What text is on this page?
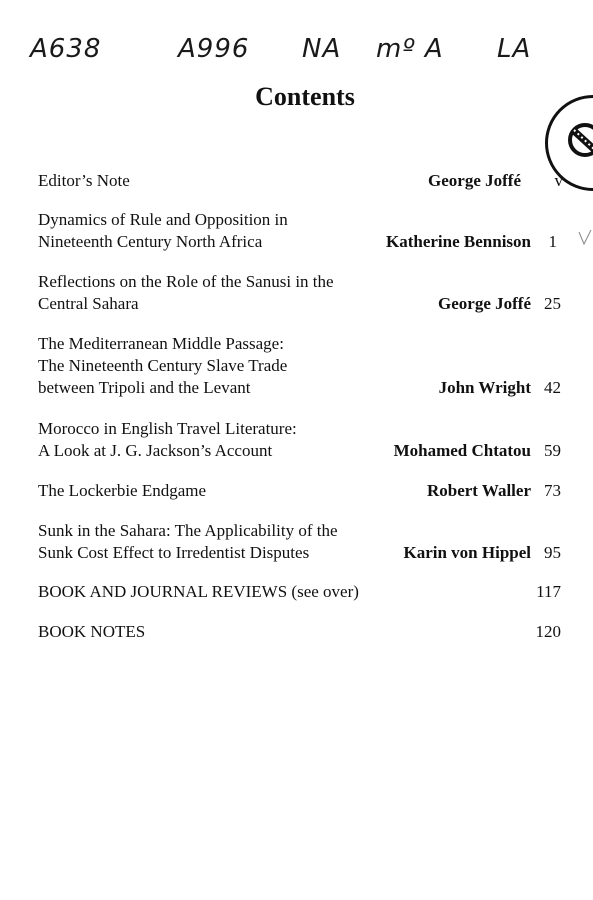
A638	A996 NA mº A LA
Contents
Editor’s Note	George Joffé v
Dynamics of Rule and Opposition in
Nineteenth Century North Africa	Katherine Bennison 1
Reflections on the Role of the Sanusi in the
Central Sahara	George Joffé 25
The Mediterranean Middle Passage:
The Nineteenth Century Slave Trade
between Tripoli and the Levant	John Wright 42
Morocco in English Travel Literature:
A Look at J. G. Jackson’s Account	Mohamed Chtatou 59
The Lockerbie Endgame	Robert Waller 73
Sunk in the Sahara: The Applicability of the
Sunk Cost Effect to Irredentist Disputes	Karin von Hippel 95
BOOK AND JOURNAL REVIEWS (see over)	117
BOOK NOTES	120
